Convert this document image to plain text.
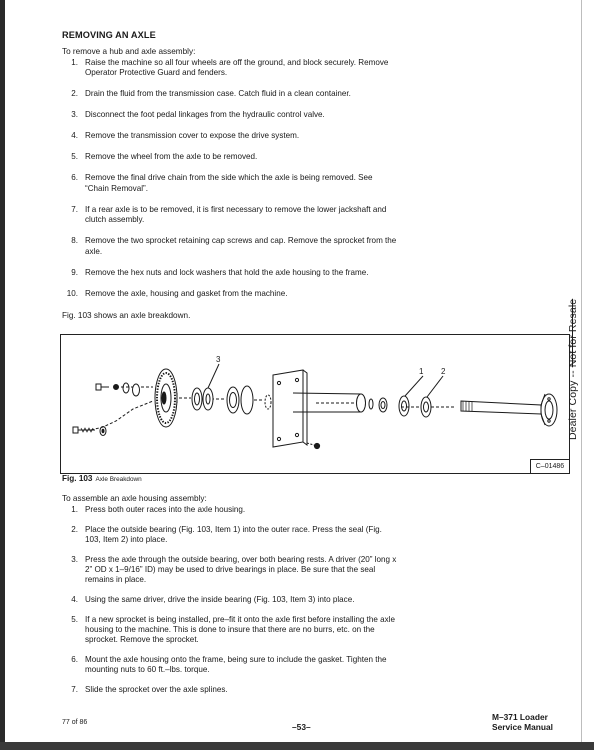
REMOVING AN AXLE
To remove a hub and axle assembly:
1. Raise the machine so all four wheels are off the ground, and block securely. Remove Operator Protective Guard and fenders.
2. Drain the fluid from the transmission case. Catch fluid in a clean container.
3. Disconnect the foot pedal linkages from the hydraulic control valve.
4. Remove the transmission cover to expose the drive system.
5. Remove the wheel from the axle to be removed.
6. Remove the final drive chain from the side which the axle is being removed. See “Chain Removal”.
7. If a rear axle is to be removed, it is first necessary to remove the lower jackshaft and clutch assembly.
8. Remove the two sprocket retaining cap screws and cap. Remove the sprocket from the axle.
9. Remove the hex nuts and lock washers that hold the axle housing to the frame.
10. Remove the axle, housing and gasket from the machine.
Fig. 103 shows an axle breakdown.
3
1 2
C–01486
Fig. 103 Axle Breakdown
To assemble an axle housing assembly:
1. Press both outer races into the axle housing.
2. Place the outside bearing (Fig. 103, Item 1) into the outer race. Press the seal (Fig. 103, Item 2) into place.
3. Press the axle through the outside bearing, over both bearing rests. A driver (20” long x 2” OD x 1–9/16” ID) may be used to drive bearings in place. Be sure that the seal remains in place.
4. Using the same driver, drive the inside bearing (Fig. 103, Item 3) into place.
5. If a new sprocket is being installed, pre–fit it onto the axle first before installing the axle housing to the machine. This is done to insure that there are no burrs, etc. on the sprocket. Remove the sprocket.
6. Mount the axle housing onto the frame, being sure to include the gasket. Tighten the mounting nuts to 60 ft.–lbs. torque.
7. Slide the sprocket over the axle splines.
Dealer Copy -- Not for Resale
77 of 86	–53–
M–371 Loader
Service Manual
